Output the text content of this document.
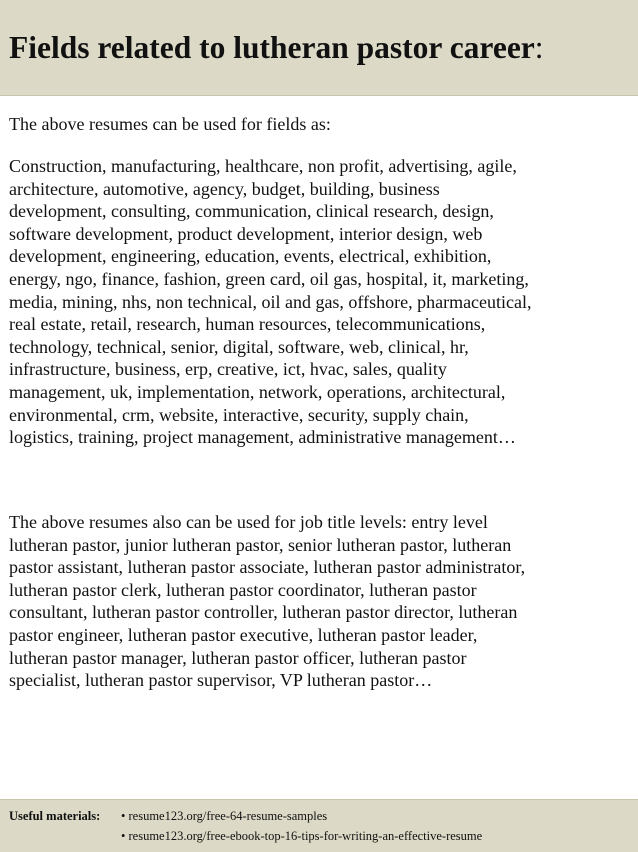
Fields related to lutheran pastor career:

The above resumes can be used for fields as:

Construction, manufacturing, healthcare, non profit, advertising, agile,
architecture, automotive, agency, budget, building, business
development, consulting, communication, clinical research, design,
software development, product development, interior design, web
development, engineering, education, events, electrical, exhibition,
energy, ngo, finance, fashion, green card, oil gas, hospital, it, marketing,
media, mining, nhs, non technical, oil and gas, offshore, pharmaceutical,
real estate, retail, research, human resources, telecommunications,
technology, technical, senior, digital, software, web, clinical, hr,
infrastructure, business, erp, creative, ict, hvac, sales, quality
management, uk, implementation, network, operations, architectural,
environmental, crm, website, interactive, security, supply chain,
logistics, training, project management, administrative management…

The above resumes also can be used for job title levels: entry level
lutheran pastor, junior lutheran pastor, senior lutheran pastor, lutheran
pastor assistant, lutheran pastor associate, lutheran pastor administrator,
lutheran pastor clerk, lutheran pastor coordinator, lutheran pastor
consultant, lutheran pastor controller, lutheran pastor director, lutheran
pastor engineer, lutheran pastor executive, lutheran pastor leader,
lutheran pastor manager, lutheran pastor officer, lutheran pastor
specialist, lutheran pastor supervisor, VP lutheran pastor…

Useful materials: • resume123.org/free-64-resume-samples
• resume123.org/free-ebook-top-16-tips-for-writing-an-effective-resume
